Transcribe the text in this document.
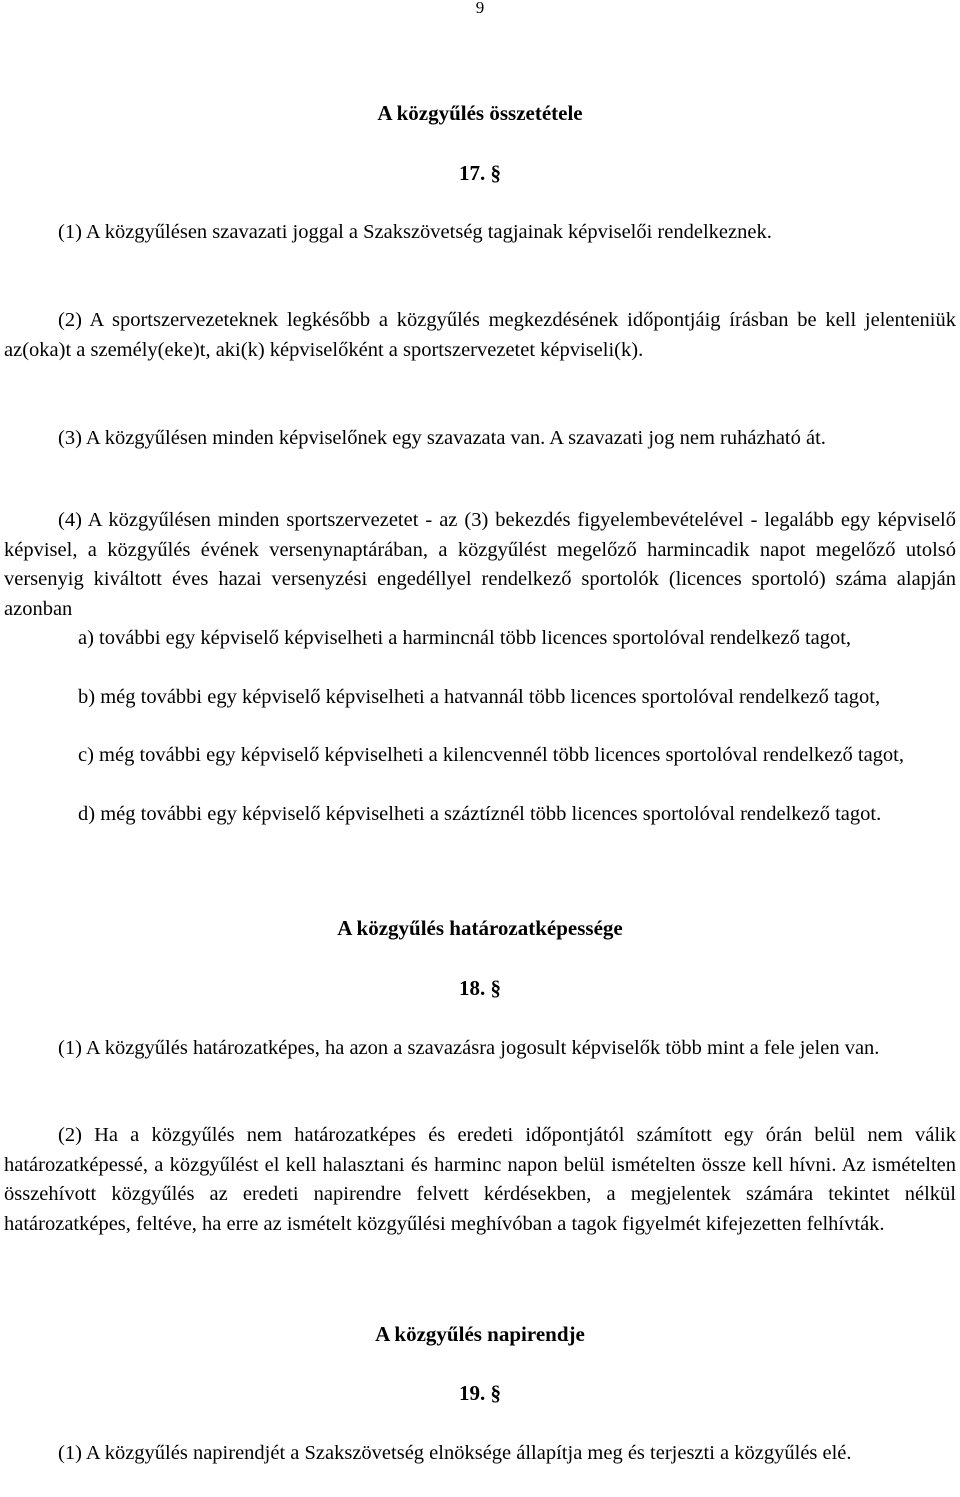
9
A közgyűlés összetétele
17. §
(1) A közgyűlésen szavazati joggal a Szakszövetség tagjainak képviselői rendelkeznek.
(2) A sportszervezeteknek legkésőbb a közgyűlés megkezdésének időpontjáig írásban be kell jelenteniük az(oka)t a személy(eke)t, aki(k) képviselőként a sportszervezetet képviseli(k).
(3) A közgyűlésen minden képviselőnek egy szavazata van. A szavazati jog nem ruházható át.
(4) A közgyűlésen minden sportszervezetet - az (3) bekezdés figyelembevételével - legalább egy képviselő képvisel, a közgyűlés évének versenynaptárában, a közgyűlést megelőző harmincadik napot megelőző utolsó versenyig kiváltott éves hazai versenyzési engedéllyel rendelkező sportolók (licences sportoló) száma alapján azonban
a) további egy képviselő képviselheti a harmincnál több licences sportolóval rendelkező tagot,
b) még további egy képviselő képviselheti a hatvannál több licences sportolóval rendelkező tagot,
c) még további egy képviselő képviselheti a kilencvennél több licences sportolóval rendelkező tagot,
d) még további egy képviselő képviselheti a száztíznél több licences sportolóval rendelkező tagot.
A közgyűlés határozatképessége
18. §
(1) A közgyűlés határozatképes, ha azon a szavazásra jogosult képviselők több mint a fele jelen van.
(2) Ha a közgyűlés nem határozatképes és eredeti időpontjától számított egy órán belül nem válik határozatképessé, a közgyűlést el kell halasztani és harminc napon belül ismételten össze kell hívni. Az ismételten összehívott közgyűlés az eredeti napirendre felvett kérdésekben, a megjelentek számára tekintet nélkül határozatképes, feltéve, ha erre az ismételt közgyűlési meghívóban a tagok figyelmét kifejezetten felhívták.
A közgyűlés napirendje
19. §
(1) A közgyűlés napirendjét a Szakszövetség elnöksége állapítja meg és terjeszti a közgyűlés elé.
